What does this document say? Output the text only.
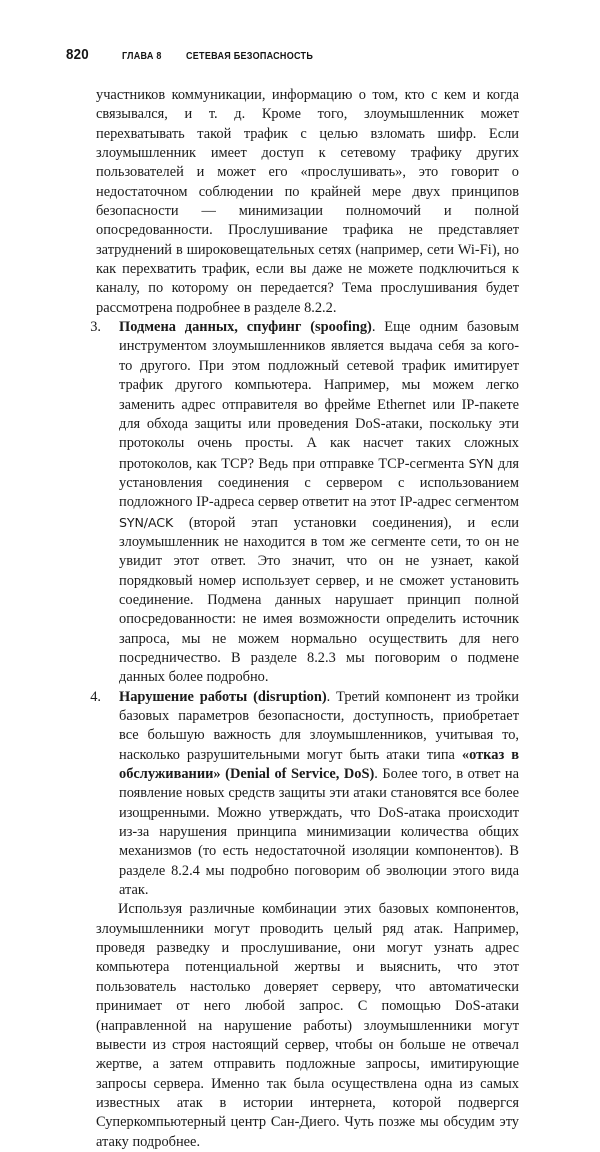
820	ГЛАВА 8 СЕТЕВАЯ БЕЗОПАСНОСТЬ

участников коммуникации, информацию о том, кто с кем и когда связывался, и т. д. Кроме того, злоумышленник может перехватывать такой трафик с целью взломать шифр. Если злоумышленник имеет доступ к сетевому трафику других пользователей и может его «прослушивать», это говорит о недостаточном соблюдении по крайней мере двух принципов безопасности — минимизации полномочий и полной опосредованности. Прослушивание трафика не представляет затруднений в широковещательных сетях (например, сети Wi-Fi), но как перехватить трафик, если вы даже не можете подключиться к каналу, по которому он передается? Тема прослушивания будет рассмотрена подробнее в разделе 8.2.2.

3. Подмена данных, спуфинг (spoofing). Еще одним базовым инструментом злоумышленников является выдача себя за кого-то другого. При этом подложный сетевой трафик имитирует трафик другого компьютера. Например, мы можем легко заменить адрес отправителя во фрейме Ethernet или IP-пакете для обхода защиты или проведения DoS-атаки, поскольку эти протоколы очень просты. А как насчет таких сложных протоколов, как TCP? Ведь при отправке TCP-сегмента SYN для установления соединения с сервером с использованием подложного IP-адреса сервер ответит на этот IP-адрес сегментом SYN/ACK (второй этап установки соединения), и если злоумышленник не находится в том же сегменте сети, то он не увидит этот ответ. Это значит, что он не узнает, какой порядковый номер использует сервер, и не сможет установить соединение. Подмена данных нарушает принцип полной опосредованности: не имея возможности определить источник запроса, мы не можем нормально осуществить для него посредничество. В разделе 8.2.3 мы поговорим о подмене данных более подробно.
4. Нарушение работы (disruption). Третий компонент из тройки базовых параметров безопасности, доступность, приобретает все большую важность для злоумышленников, учитывая то, насколько разрушительными могут быть атаки типа «отказ в обслуживании» (Denial of Service, DoS). Более того, в ответ на появление новых средств защиты эти атаки становятся все более изощренными. Можно утверждать, что DoS-атака происходит из-за нарушения принципа минимизации количества общих механизмов (то есть недостаточной изоляции компонентов). В разделе 8.2.4 мы подробно поговорим об эволюции этого вида атак.

Используя различные комбинации этих базовых компонентов, злоумышленники могут проводить целый ряд атак. Например, проведя разведку и прослушивание, они могут узнать адрес компьютера потенциальной жертвы и выяснить, что этот пользователь настолько доверяет серверу, что автоматически принимает от него любой запрос. С помощью DoS-атаки (направленной на нарушение работы) злоумышленники могут вывести из строя настоящий сервер, чтобы он больше не отвечал жертве, а затем отправить подложные запросы, имитирующие запросы сервера. Именно так была осуществлена одна из самых известных атак в истории интернета, которой подвергся Суперкомпьютерный центр Сан-Диего. Чуть позже мы обсудим эту атаку подробнее.
